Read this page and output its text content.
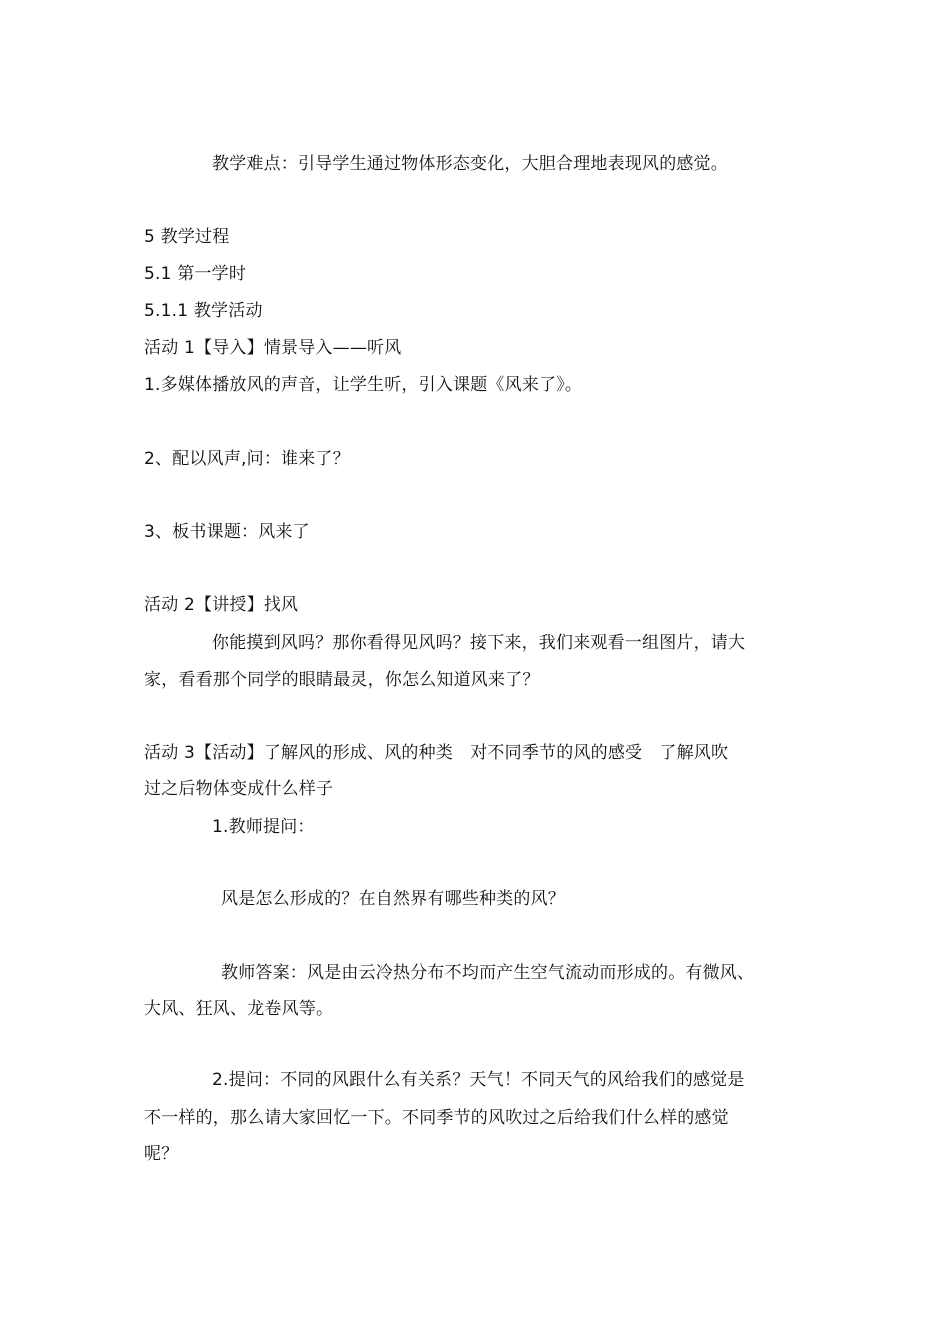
教学难点：引导学生通过物体形态变化，大胆合理地表现风的感觉。
5 教学过程
5.1 第一学时
5.1.1 教学活动
活动 1【导入】情景导入——听风
1.多媒体播放风的声音，让学生听，引入课题《风来了》。
2、配以风声,问：谁来了？
3、板书课题：风来了
活动 2【讲授】找风
你能摸到风吗？那你看得见风吗？接下来，我们来观看一组图片，请大
家，看看那个同学的眼睛最灵，你怎么知道风来了？
活动 3【活动】了解风的形成、风的种类　对不同季节的风的感受　了解风吹
过之后物体变成什么样子
1.教师提问：
风是怎么形成的？在自然界有哪些种类的风？
教师答案：风是由云冷热分布不均而产生空气流动而形成的。有微风、
大风、狂风、龙卷风等。
2.提问：不同的风跟什么有关系？天气！不同天气的风给我们的感觉是
不一样的，那么请大家回忆一下。不同季节的风吹过之后给我们什么样的感觉
呢？
